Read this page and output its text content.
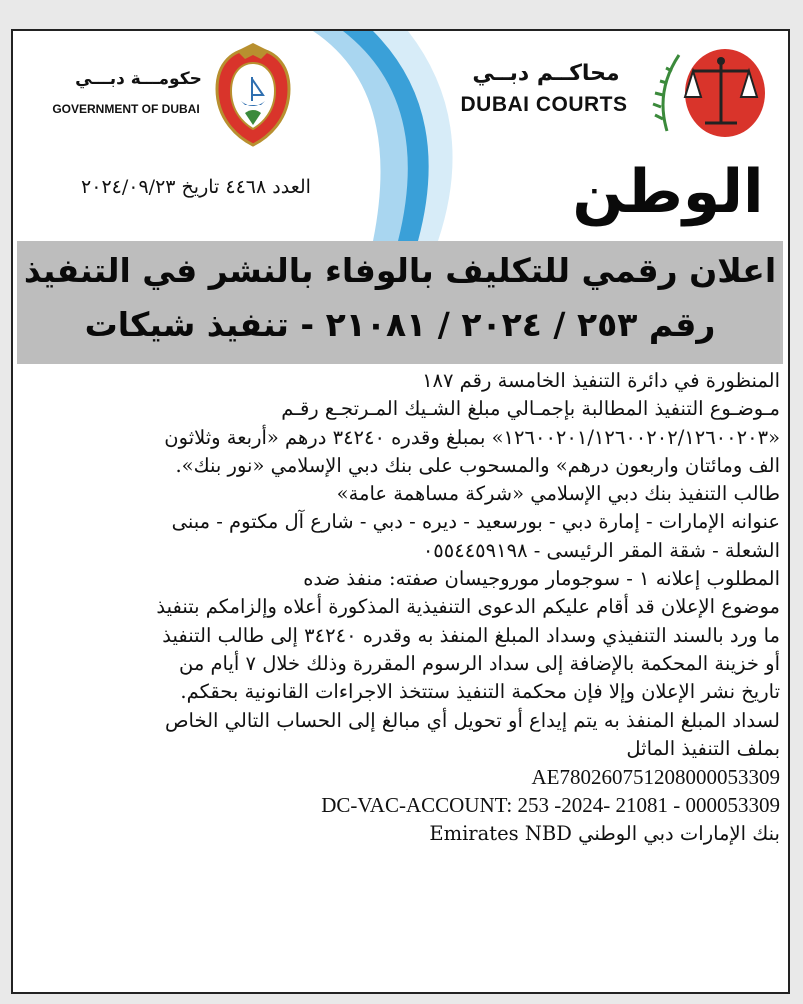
حكومـــة دبـــي
GOVERNMENT OF DUBAI
محاكــم دبــي
DUBAI COURTS
العدد ٤٤٦٨ تاريخ ٢٠٢٤/٠٩/٢٣	الوطن
اعلان رقمي للتكليف بالوفاء بالنشر في التنفيذ
رقم ٢٥٣ / ٢٠٢٤ / ٢١٠٨١ - تنفيذ شيكات
المنظورة في دائرة التنفيذ الخامسة رقم ١٨٧
مـوضـوع التنفيذ المطالبة بإجمـالي مبلغ الشـيك المـرتجـع رقـم
«١٢٦٠٠٢٠١/١٢٦٠٠٢٠٢/١٢٦٠٠٢٠٣» بمبلغ وقدره ٣٤٢٤٠ درهم «أربعة وثلاثون
الف ومائتان واربعون درهم» والمسحوب على بنك دبي الإسلامي «نور بنك».
طالب التنفيذ بنك دبي الإسلامي «شركة مساهمة عامة»
عنوانه الإمارات - إمارة دبي - بورسعيد - ديره - دبي - شارع آل مكتوم - مبنى
الشعلة - شقة المقر الرئيسى - ٠٥٥٤٤٥٩١٩٨
المطلوب إعلانه ١ - سوجومار موروجيسان صفته: منفذ ضده
موضوع الإعلان قد أقام عليكم الدعوى التنفيذية المذكورة أعلاه وإلزامكم بتنفيذ
ما ورد بالسند التنفيذي وسداد المبلغ المنفذ به وقدره ٣٤٢٤٠ إلى طالب التنفيذ
أو خزينة المحكمة بالإضافة إلى سداد الرسوم المقررة وذلك خلال ٧ أيام من
تاريخ نشر الإعلان وإلا فإن محكمة التنفيذ ستتخذ الاجراءات القانونية بحقكم.
لسداد المبلغ المنفذ به يتم إيداع أو تحويل أي مبالغ إلى الحساب التالي الخاص
بملف التنفيذ الماثل
AE780260751208000053309
DC-VAC-ACCOUNT: 253 -2024- 21081 - 000053309
بنك الإمارات دبي الوطني Emirates NBD
